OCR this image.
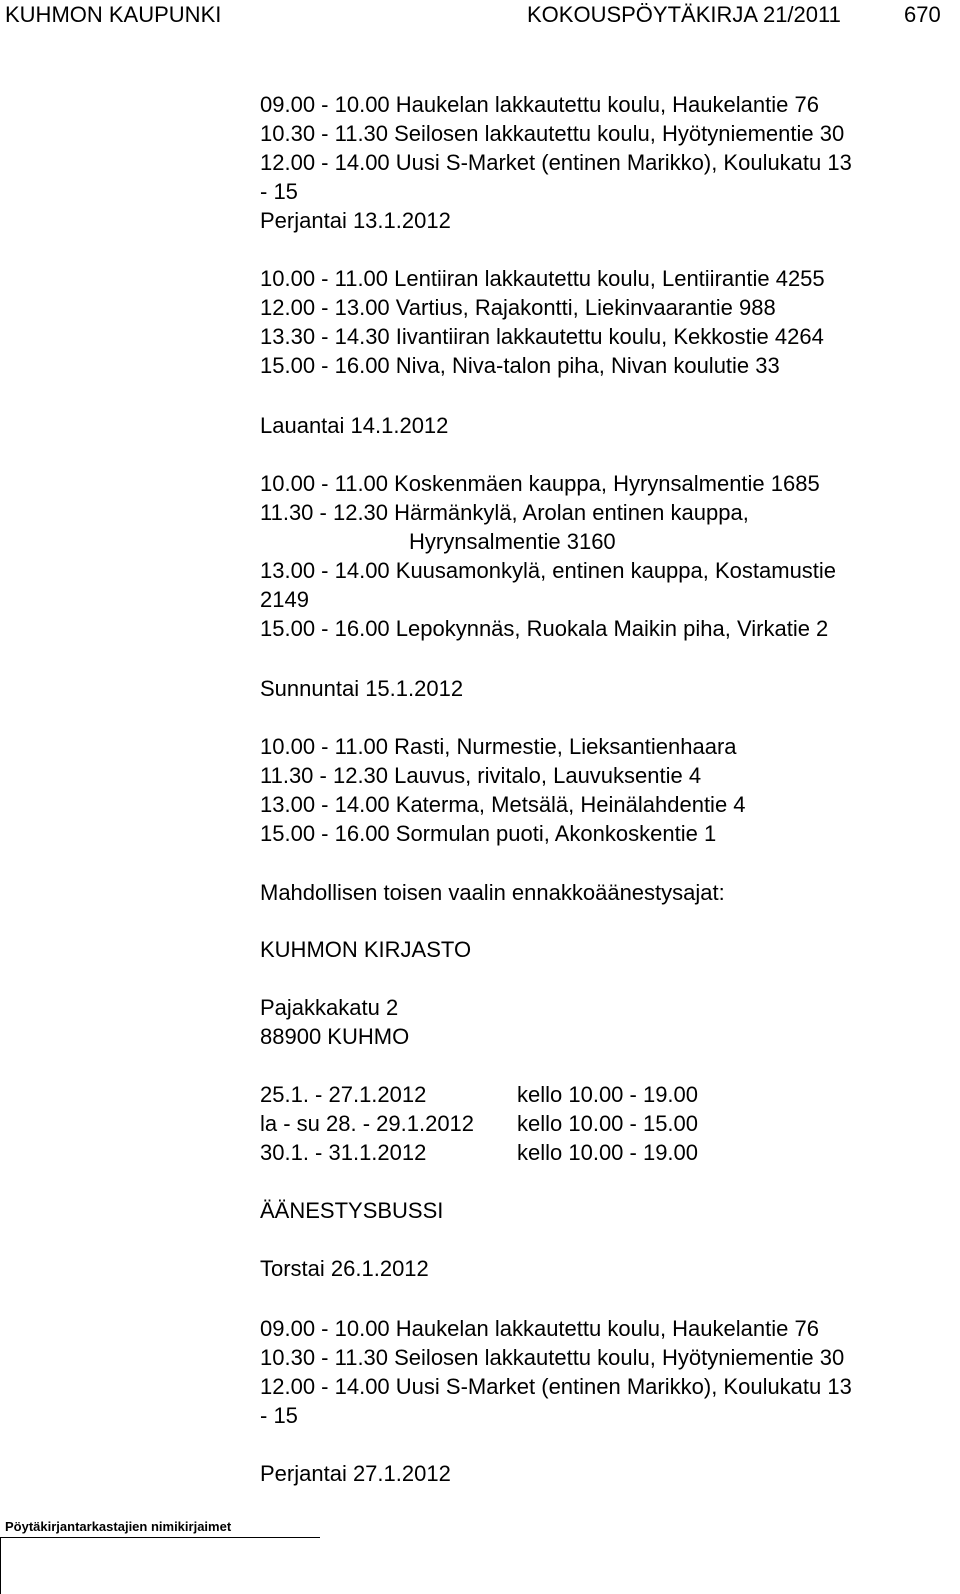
KUHMON KAUPUNKI	KOKOUSPÖYTÄKIRJA 21/2011	670
09.00 - 10.00 Haukelan lakkautettu koulu, Haukelantie 76
10.30 - 11.30 Seilosen lakkautettu koulu, Hyötyniementie 30
12.00 - 14.00 Uusi S-Market (entinen Marikko), Koulukatu 13
- 15
Perjantai 13.1.2012
10.00 - 11.00 Lentiiran lakkautettu koulu, Lentiirantie 4255
12.00 - 13.00 Vartius, Rajakontti, Liekinvaarantie 988
13.30 - 14.30 Iivantiiran lakkautettu koulu, Kekkostie 4264
15.00 - 16.00 Niva, Niva-talon piha, Nivan koulutie 33
Lauantai 14.1.2012
10.00 - 11.00 Koskenmäen kauppa, Hyrynsalmentie 1685
11.30 - 12.30 Härmänkylä, Arolan entinen kauppa,
Hyrynsalmentie 3160
13.00 - 14.00 Kuusamonkylä, entinen kauppa, Kostamustie
2149
15.00 - 16.00 Lepokynnäs, Ruokala Maikin piha, Virkatie 2
Sunnuntai 15.1.2012
10.00 - 11.00 Rasti, Nurmestie, Lieksantienhaara
11.30 - 12.30 Lauvus, rivitalo, Lauvuksentie 4
13.00 - 14.00 Katerma, Metsälä, Heinälahdentie 4
15.00 - 16.00 Sormulan puoti, Akonkoskentie 1
Mahdollisen toisen vaalin ennakkoäänestysajat:
KUHMON KIRJASTO
Pajakkakatu 2
88900 KUHMO
25.1. - 27.1.2012	kello 10.00 - 19.00
la - su 28. - 29.1.2012 kello 10.00 - 15.00
30.1. - 31.1.2012	kello 10.00 - 19.00
ÄÄNESTYSBUSSI
Torstai 26.1.2012
09.00 - 10.00 Haukelan lakkautettu koulu, Haukelantie 76
10.30 - 11.30 Seilosen lakkautettu koulu, Hyötyniementie 30
12.00 - 14.00 Uusi S-Market (entinen Marikko), Koulukatu 13
- 15
Perjantai 27.1.2012
Pöytäkirjantarkastajien nimikirjaimet
